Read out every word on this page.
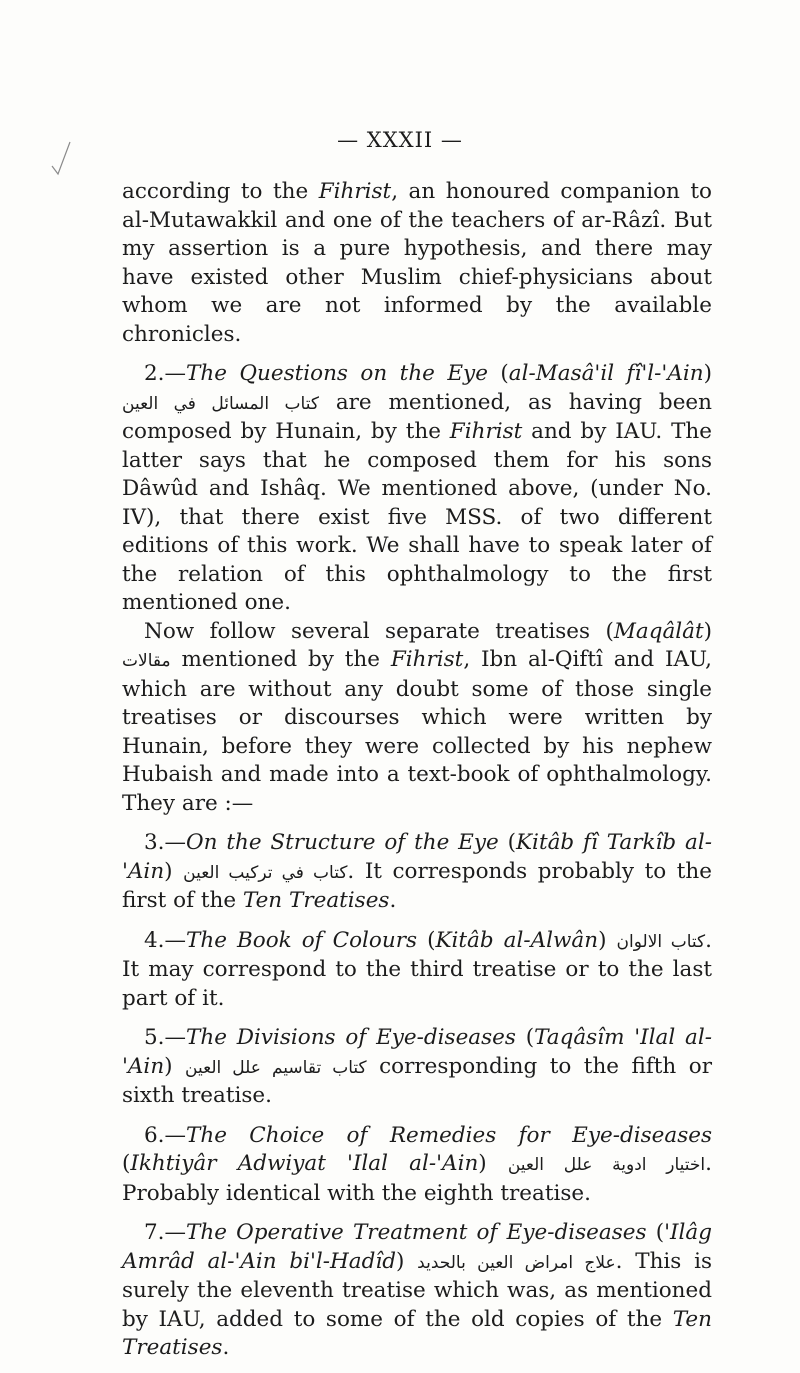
— XXXII —

according to the Fihrist, an honoured companion to al-Mutawakkil and one of the teachers of ar-Râzî. But my assertion is a pure hypothesis, and there may have existed other Muslim chief-physicians about whom we are not informed by the available chronicles.

2.—The Questions on the Eye (al-Masâ'il fî'l-'Ain) كتاب المسائل في العين are mentioned, as having been composed by Hunain, by the Fihrist and by IAU. The latter says that he composed them for his sons Dâwûd and Ishâq. We mentioned above, (under No. IV), that there exist five MSS. of two different editions of this work. We shall have to speak later of the relation of this ophthalmology to the first mentioned one.

Now follow several separate treatises (Maqâlât) مقالات mentioned by the Fihrist, Ibn al-Qiftî and IAU, which are without any doubt some of those single treatises or discourses which were written by Hunain, before they were collected by his nephew Hubaish and made into a text-book of ophthalmology. They are :—

3.—On the Structure of the Eye (Kitâb fî Tarkîb al-'Ain) كتاب في تركيب العين. It corresponds probably to the first of the Ten Treatises.

4.—The Book of Colours (Kitâb al-Alwân) كتاب الالوان. It may correspond to the third treatise or to the last part of it.

5.—The Divisions of Eye-diseases (Taqâsîm 'Ilal al-'Ain) كتاب تقاسيم علل العين corresponding to the fifth or sixth treatise.

6.—The Choice of Remedies for Eye-diseases (Ikhtiyâr Adwiyat 'Ilal al-'Ain) اختيار ادوية علل العين. Probably identical with the eighth treatise.

7.—The Operative Treatment of Eye-diseases ('Ilâg Amrâd al-'Ain bi'l-Hadîd) علاج امراض العين بالحديد. This is surely the eleventh treatise which was, as mentioned by IAU, added to some of the old copies of the Ten Treatises.
